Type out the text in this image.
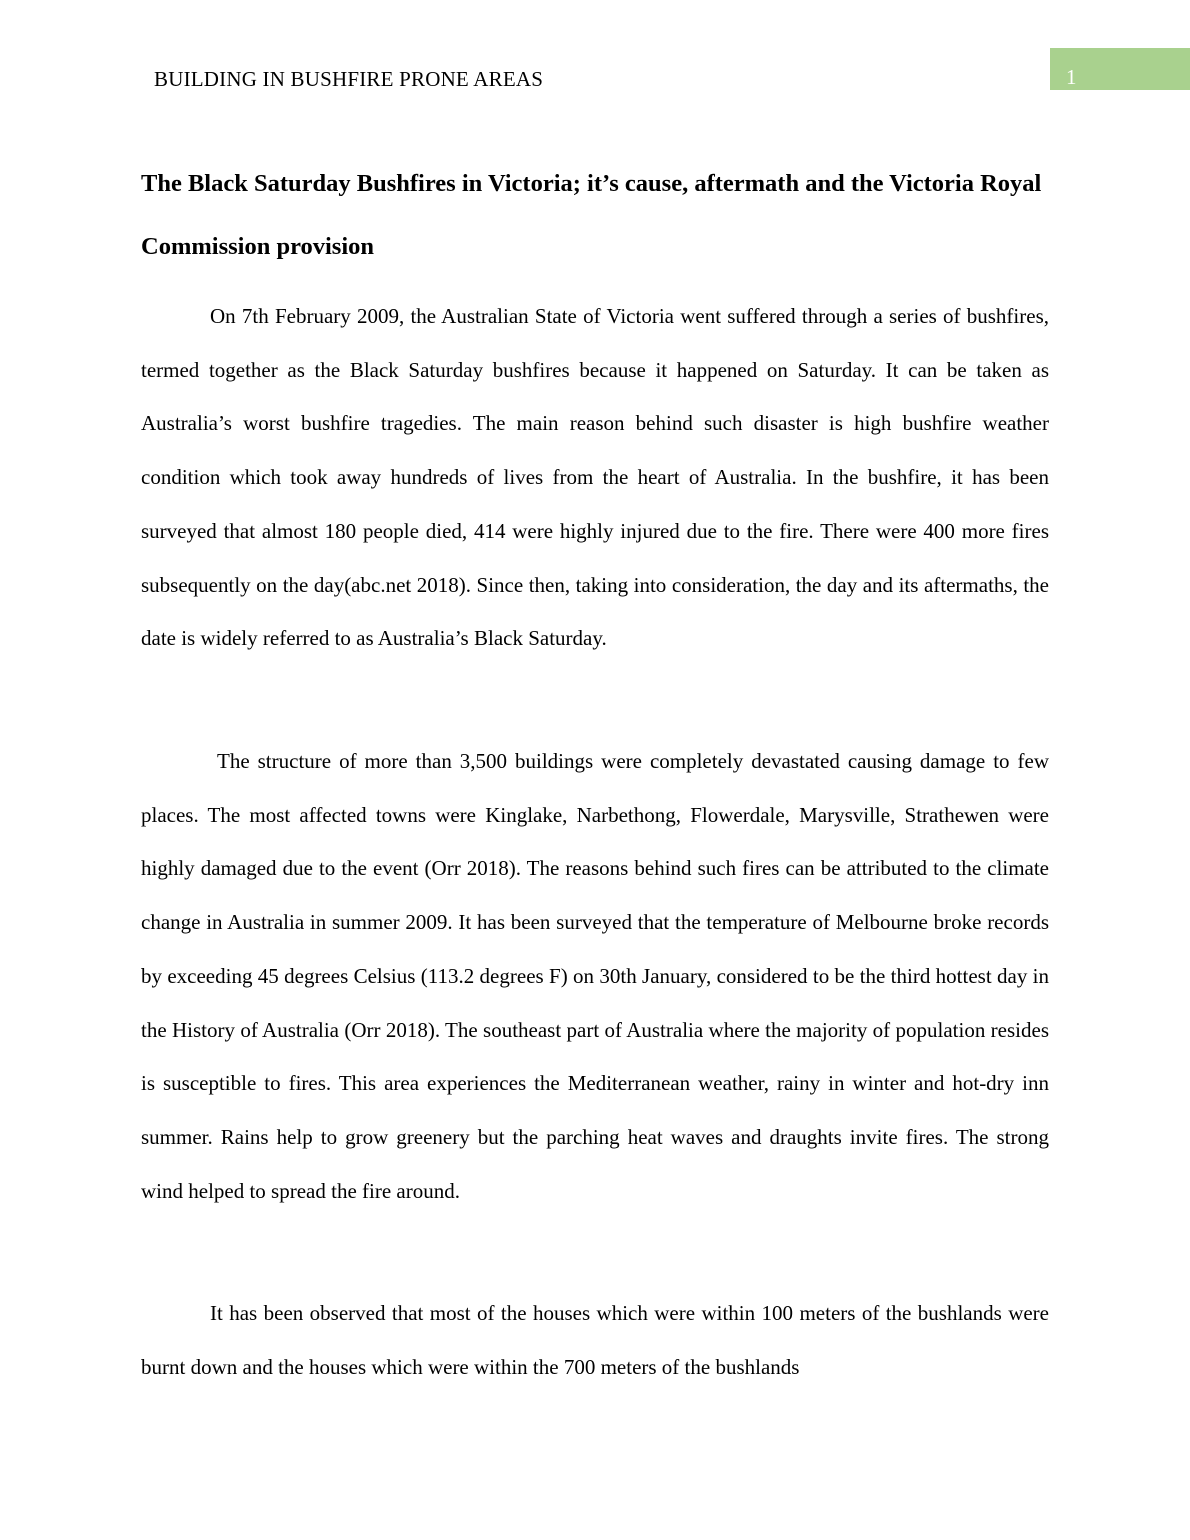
BUILDING IN BUSHFIRE PRONE AREAS	1
The Black Saturday Bushfires in Victoria; it’s cause, aftermath and the Victoria Royal Commission provision

On 7th February 2009, the Australian State of Victoria went suffered through a series of bushfires, termed together as the Black Saturday bushfires because it happened on Saturday. It can be taken as Australia’s worst bushfire tragedies. The main reason behind such disaster is high bushfire weather condition which took away hundreds of lives from the heart of Australia. In the bushfire, it has been surveyed that almost 180 people died, 414 were highly injured due to the fire. There were 400 more fires subsequently on the day(abc.net 2018). Since then, taking into consideration, the day and its aftermaths, the date is widely referred to as Australia’s Black Saturday.

The structure of more than 3,500 buildings were completely devastated causing damage to few places. The most affected towns were Kinglake, Narbethong, Flowerdale, Marysville, Strathewen were highly damaged due to the event (Orr 2018). The reasons behind such fires can be attributed to the climate change in Australia in summer 2009. It has been surveyed that the temperature of Melbourne broke records by exceeding 45 degrees Celsius (113.2 degrees F) on 30th January, considered to be the third hottest day in the History of Australia (Orr 2018). The southeast part of Australia where the majority of population resides is susceptible to fires. This area experiences the Mediterranean weather, rainy in winter and hot-dry inn summer. Rains help to grow greenery but the parching heat waves and draughts invite fires. The strong wind helped to spread the fire around.

It has been observed that most of the houses which were within 100 meters of the bushlands were burnt down and the houses which were within the 700 meters of the bushlands
